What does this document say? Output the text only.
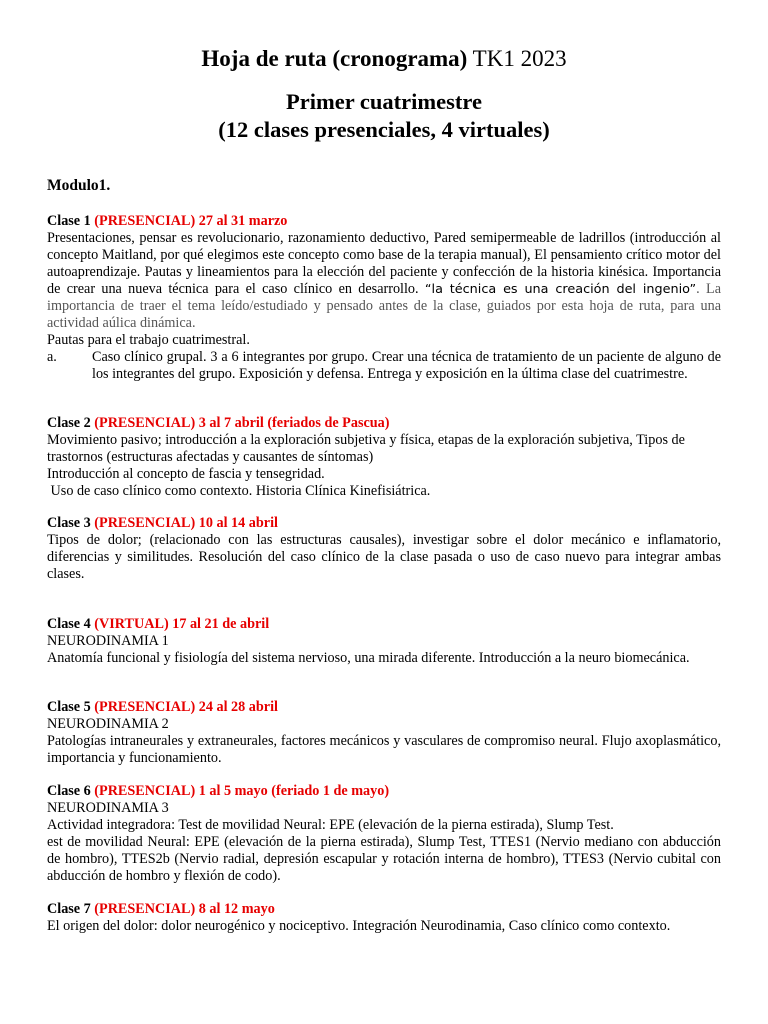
Hoja de ruta (cronograma) TK1 2023
Primer cuatrimestre
(12 clases presenciales, 4 virtuales)
Modulo1.
Clase 1 (PRESENCIAL) 27 al 31 marzo
Presentaciones, pensar es revolucionario, razonamiento deductivo, Pared semipermeable de ladrillos (introducción al concepto Maitland, por qué elegimos este concepto como base de la terapia manual), El pensamiento crítico motor del autoaprendizaje. Pautas y lineamientos para la elección del paciente y confección de la historia kinésica. Importancia de crear una nueva técnica para el caso clínico en desarrollo. “la técnica es una creación del ingenio”. La importancia de traer el tema leído/estudiado y pensado antes de la clase, guiados por esta hoja de ruta, para una actividad aúlica dinámica.
Pautas para el trabajo cuatrimestral.
a.	Caso clínico grupal. 3 a 6 integrantes por grupo. Crear una técnica de tratamiento de un paciente de alguno de los integrantes del grupo. Exposición y defensa. Entrega y exposición en la última clase del cuatrimestre.
Clase 2 (PRESENCIAL) 3 al 7 abril (feriados de Pascua)
Movimiento pasivo; introducción a la exploración subjetiva y física, etapas de la exploración subjetiva, Tipos de trastornos (estructuras afectadas y causantes de síntomas)
Introducción al concepto de fascia y tensegridad.
Uso de caso clínico como contexto. Historia Clínica Kinefisiátrica.
Clase 3 (PRESENCIAL) 10 al 14 abril
Tipos de dolor; (relacionado con las estructuras causales), investigar sobre el dolor mecánico e inflamatorio, diferencias y similitudes. Resolución del caso clínico de la clase pasada o uso de caso nuevo para integrar ambas clases.
Clase 4 (VIRTUAL) 17 al 21 de abril
NEURODINAMIA 1
Anatomía funcional y fisiología del sistema nervioso, una mirada diferente. Introducción a la neuro biomecánica.
Clase 5 (PRESENCIAL) 24 al 28 abril
NEURODINAMIA 2
Patologías intraneurales y extraneurales, factores mecánicos y vasculares de compromiso neural. Flujo axoplasmático, importancia y funcionamiento.
Clase 6 (PRESENCIAL) 1 al 5 mayo (feriado 1 de mayo)
NEURODINAMIA 3
Actividad integradora: Test de movilidad Neural: EPE (elevación de la pierna estirada), Slump Test.
est de movilidad Neural: EPE (elevación de la pierna estirada), Slump Test, TTES1 (Nervio mediano con abducción de hombro), TTES2b (Nervio radial, depresión escapular y rotación interna de hombro), TTES3 (Nervio cubital con abducción de hombro y flexión de codo).
Clase 7 (PRESENCIAL) 8 al 12 mayo
El origen del dolor: dolor neurogénico y nociceptivo. Integración Neurodinamia, Caso clínico como contexto.
